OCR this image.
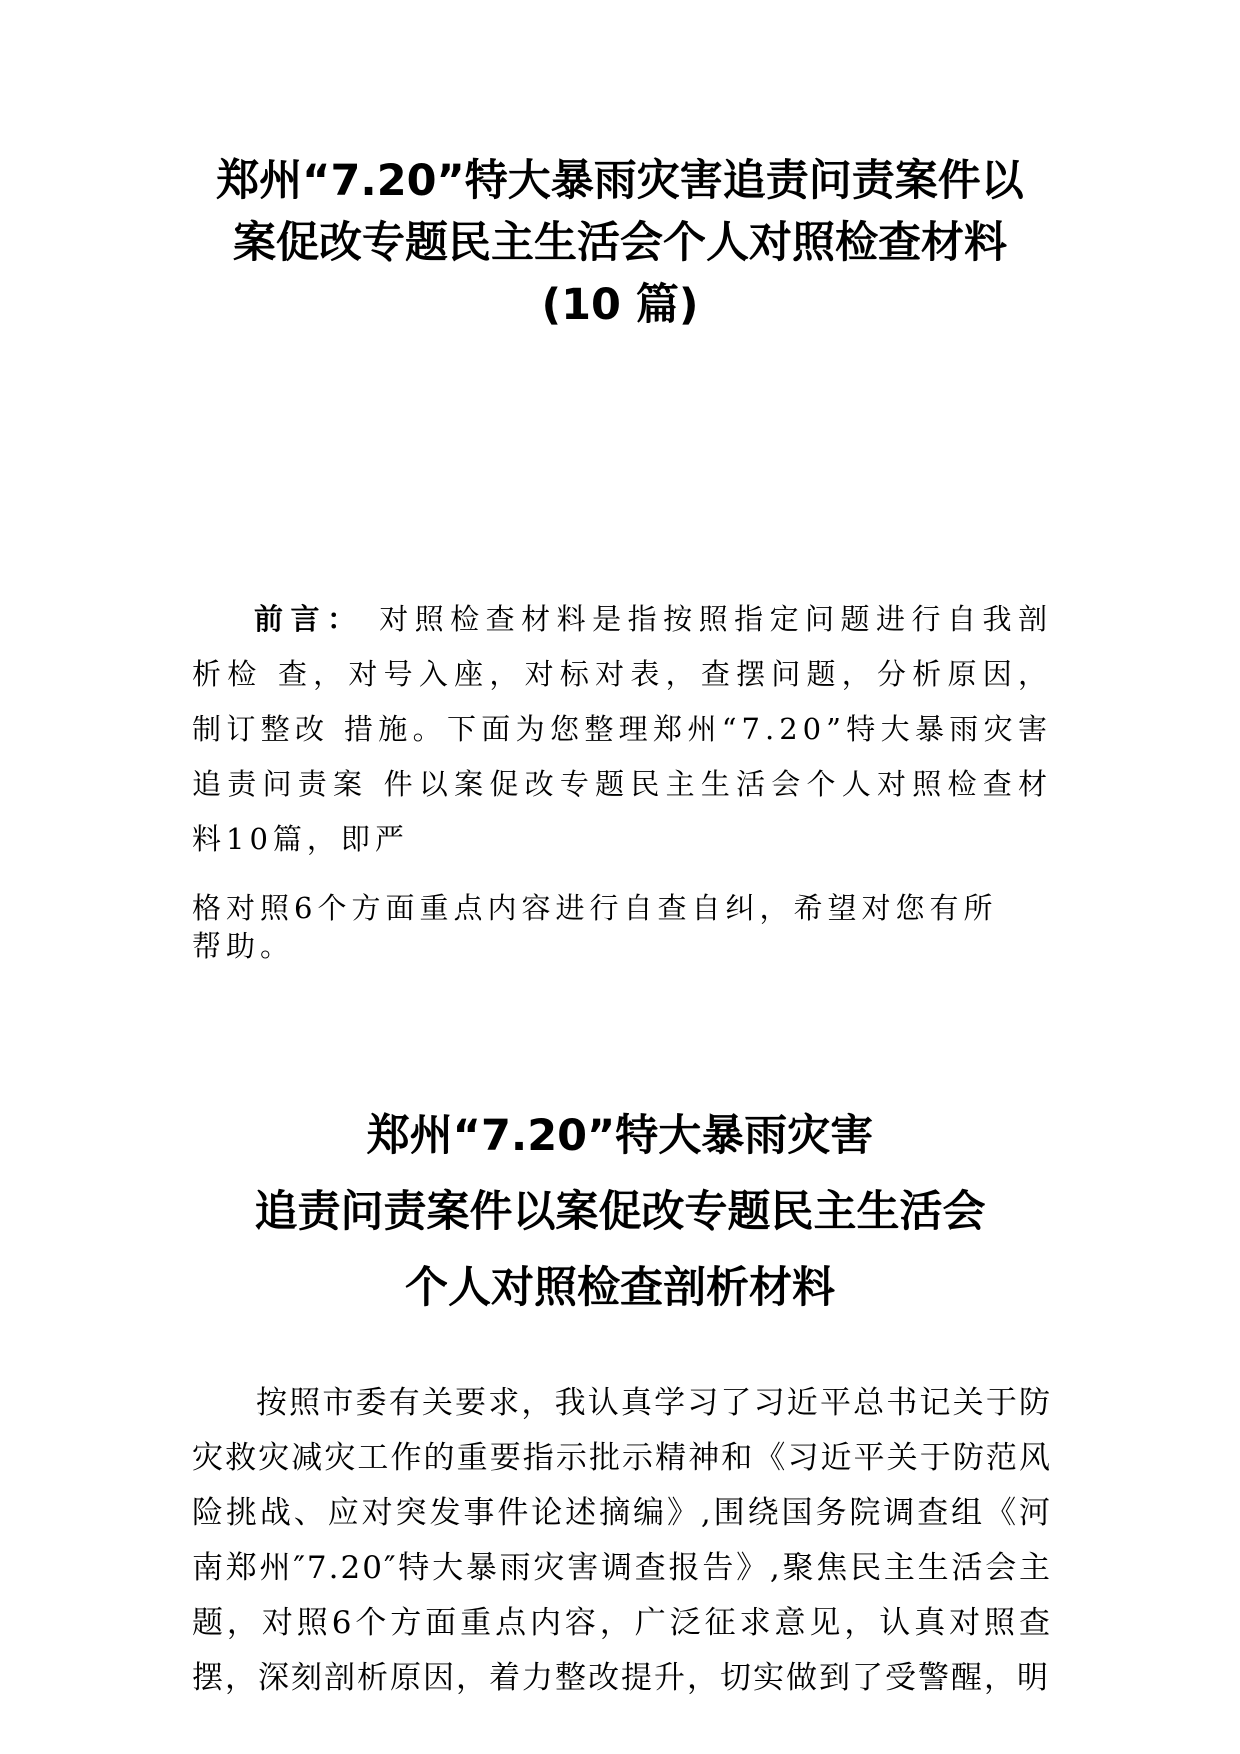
郑州“7.20”特大暴雨灾害追责问责案件以
案促改专题民主生活会个人对照检查材料
(10 篇)

前言： 对照检查材料是指按照指定问题进行自我剖析检 查，对号入座，对标对表，查摆问题，分析原因，制订整改 措施。下面为您整理郑州“7.20”特大暴雨灾害追责问责案 件以案促改专题民主生活会个人对照检查材料10篇，即严

格对照6个方面重点内容进行自查自纠，希望对您有所帮助。

郑州“7.20”特大暴雨灾害
追责问责案件以案促改专题民主生活会
个人对照检查剖析材料

按照市委有关要求，我认真学习了习近平总书记关于防灾救灾减灾工作的重要指示批示精神和《习近平关于防范风险挑战、应对突发事件论述摘编》,围绕国务院调查组《河南郑州″7.20″特大暴雨灾害调查报告》,聚焦民主生活会主题，对照6个方面重点内容，广泛征求意见，认真对照查 摆，深刻剖析原因，着力整改提升，切实做到了受警醒，明
